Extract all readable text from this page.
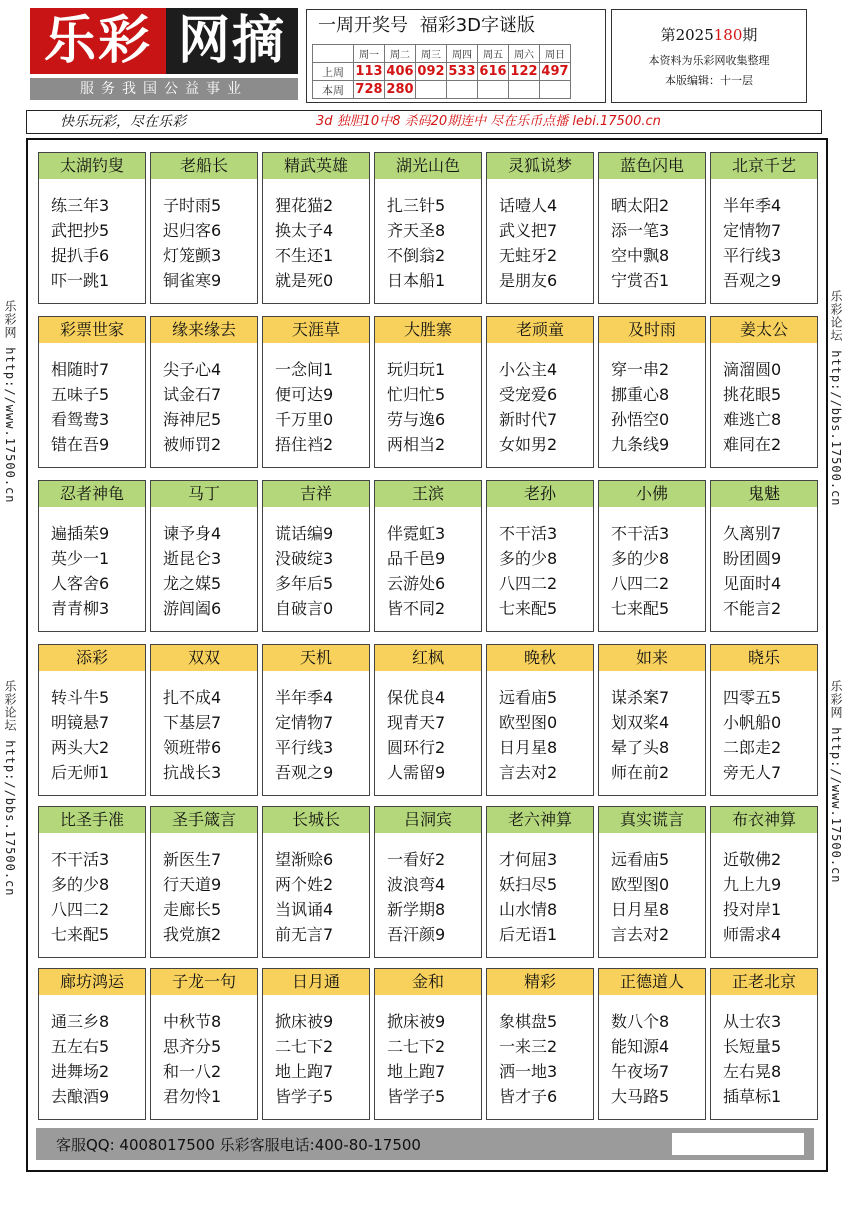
乐彩 网摘
服务我国公益事业
一周开奖号 福彩3D字谜版
	周一	周二	周三	周四	周五	周六	周日
上周	113	406	092	533	616	122	497
本周	728	280					
第2025180期
本资料为乐彩网收集整理
本版编辑：十一层
快乐玩彩，尽在乐彩	3d 独胆10中8 杀码20期连中 尽在乐币点播 lebi.17500.cn
乐彩网 http://www.17500.cn
乐彩论坛 http://bbs.17500.cn
乐彩论坛 http://bbs.17500.cn
乐彩网 http://www.17500.cn
太湖钓叟
练三年3
武把抄5
捉扒手6
吓一跳1
老船长
子时雨5
迟归客6
灯笼颤3
铜雀寒9
精武英雄
狸花猫2
换太子4
不生还1
就是死0
湖光山色
扎三针5
齐天圣8
不倒翁2
日本船1
灵狐说梦
话噎人4
武义把7
无蛀牙2
是朋友6
蓝色闪电
晒太阳2
添一笔3
空中飘8
宁赏否1
北京千艺
半年季4
定情物7
平行线3
吾观之9
彩票世家
相随时7
五味子5
看鸳鸯3
错在吾9
缘来缘去
尖子心4
试金石7
海神尼5
被师罚2
天涯草
一念间1
便可达9
千万里0
捂住裆2
大胜寨
玩归玩1
忙归忙5
劳与逸6
两相当2
老顽童
小公主4
受宠爱6
新时代7
女如男2
及时雨
穿一串2
挪重心8
孙悟空0
九条线9
姜太公
滴溜圆0
挑花眼5
难逃亡8
难同在2
忍者神龟
遍插茱9
英少一1
人客舍6
青青柳3
马丁
谏予身4
逝昆仑3
龙之媒5
游闾阖6
吉祥
谎话编9
没破绽3
多年后5
自破言0
王滨
伴霓虹3
品千邑9
云游处6
皆不同2
老孙
不干活3
多的少8
八四二2
七来配5
小佛
不干活3
多的少8
八四二2
七来配5
鬼魅
久离别7
盼团圆9
见面时4
不能言2
添彩
转斗牛5
明镜悬7
两头大2
后无师1
双双
扎不成4
下基层7
领班带6
抗战长3
天机
半年季4
定情物7
平行线3
吾观之9
红枫
保优良4
现青天7
圆环行2
人需留9
晚秋
远看庙5
欧型图0
日月星8
言去对2
如来
谋杀案7
划双桨4
晕了头8
师在前2
晓乐
四零五5
小帆船0
二郎走2
旁无人7
比圣手准
不干活3
多的少8
八四二2
七来配5
圣手箴言
新医生7
行天道9
走廊长5
我党旗2
长城长
望渐赊6
两个姓2
当讽诵4
前无言7
吕洞宾
一看好2
波浪弯4
新学期8
吾汗颜9
老六神算
才何屈3
妖扫尽5
山水情8
后无语1
真实谎言
远看庙5
欧型图0
日月星8
言去对2
布衣神算
近敬佛2
九上九9
投对岸1
师需求4
廊坊鸿运
通三乡8
五左右5
进舞场2
去酿酒9
子龙一句
中秋节8
思齐分5
和一八2
君勿怜1
日月通
掀床被9
二七下2
地上跑7
皆学子5
金和
掀床被9
二七下2
地上跑7
皆学子5
精彩
象棋盘5
一来三2
洒一地3
皆才子6
正德道人
数八个8
能知源4
午夜场7
大马路5
正老北京
从士农3
长短量5
左右晃8
插草标1
客服QQ: 4008017500 乐彩客服电话:400-80-17500
